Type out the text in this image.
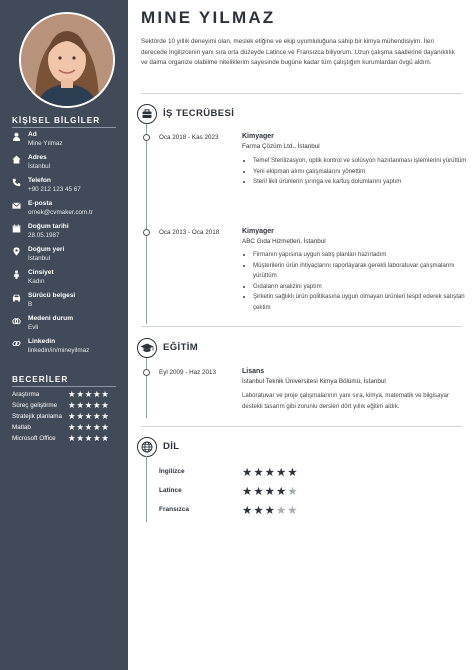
KİŞİSEL BİLGİLER
Ad
Mine Yılmaz
Adres
İstanbul
Telefon
+90 212 123 45 67
E-posta
ornek@cvmaker.com.tr
Doğum tarihi
28.05.1987
Doğum yeri
İstanbul
Cinsiyet
Kadın
Sürücü belgesi
B
Medeni durum
Evli
Linkedin
linkedin/in/mineyilmaz
BECERİLER
Araştırma	★★★★★
Süreç geliştirme ★★★★★
Stratejik planlama ★★★★★
Matlab	★★★★★
Microsoft Office ★★★★★
MINE YILMAZ
Sektörde 10 yıllık deneyimi olan, meslek etiğine ve ekip uyumluluğuna sahip bir kimya mühendisiyim. İleri derecede İngilizcenin yanı sıra orta düzeyde Latince ve Fransızca biliyorum. Uzun çalışma saatlerine dayanıklılık ve daima organize olabilme niteliklerim sayesinde bugüne kadar tüm çalıştığım kurumlardan övgü aldım.
İŞ TECRÜBESİ
Oca 2018 - Kas 2023	Kimyager
Farma Çözüm Ltd., İstanbul
• Temel Sterilizasyon, optik kontrol ve solüsyon hazırlanması işlemlerini yürüttüm
• Yeni ekipman alımı çalışmalarını yönettim
• Steril likit ürünlerin şırınga ve kartuş dolumlarını yaptım
Oca 2013 - Oca 2018	Kimyager
ABC Gıda Hizmetleri, İstanbul
• Firmanın yapısına uygun satış planları hazırladım
• Müşterilerin ürün ihtiyaçlarını raporlayarak gerekli laboratuvar çalışmalarını yürüttüm
• Gıdaların analizini yaptım
• Şirketin sağlıklı ürün politikasına uygun olmayan ürünleri tespit ederek satıştan çektim
EĞİTİM
Eyl 2009 - Haz 2013	Lisans
İstanbul Teknik Üniversitesi Kimya Bölümü, İstanbul
Laboratuvar ve proje çalışmalarının yanı sıra, kimya, matematik ve bilgisayar destekli tasarım gibi zorunlu dersleri dört yıllık eğitim aldık.
DİL
İngilizce	★★★★★
Latince	★★★★★
Fransızca	★★★★★
